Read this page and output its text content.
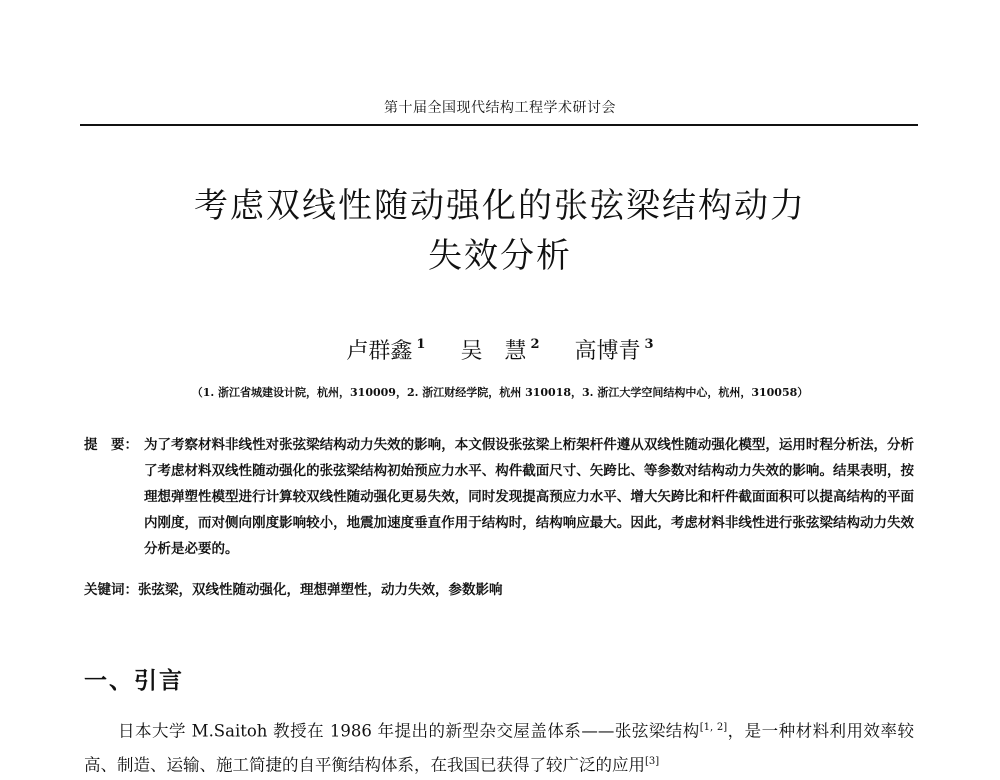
第十届全国现代结构工程学术研讨会
考虑双线性随动强化的张弦梁结构动力
失效分析
卢群鑫 $^1$ 吴　慧 $^2$ 高博青 $^3$
（1. 浙江省城建设计院，杭州，310009，2. 浙江财经学院，杭州 310018，3. 浙江大学空间结构中心，杭州，310058）
提　要： 为了考察材料非线性对张弦梁结构动力失效的影响，本文假设张弦梁上桁架杆件遵从双线性随动强化模型，运用时程分析法，分析了考虑材料双线性随动强化的张弦梁结构初始预应力水平、构件截面尺寸、矢跨比、等参数对结构动力失效的影响。结果表明，按理想弹塑性模型进行计算较双线性随动强化更易失效，同时发现提高预应力水平、增大矢跨比和杆件截面面积可以提高结构的平面内刚度，而对侧向刚度影响较小，地震加速度垂直作用于结构时，结构响应最大。因此，考虑材料非线性进行张弦梁结构动力失效分析是必要的。
关键词：张弦梁，双线性随动强化，理想弹塑性，动力失效，参数影响
一、引言

日本大学 M.Saitoh 教授在 1986 年提出的新型杂交屋盖体系——张弦梁结构[1, 2]，是一种材料利用效率较高、制造、运输、施工简捷的自平衡结构体系，在我国已获得了较广泛的应用[3]
